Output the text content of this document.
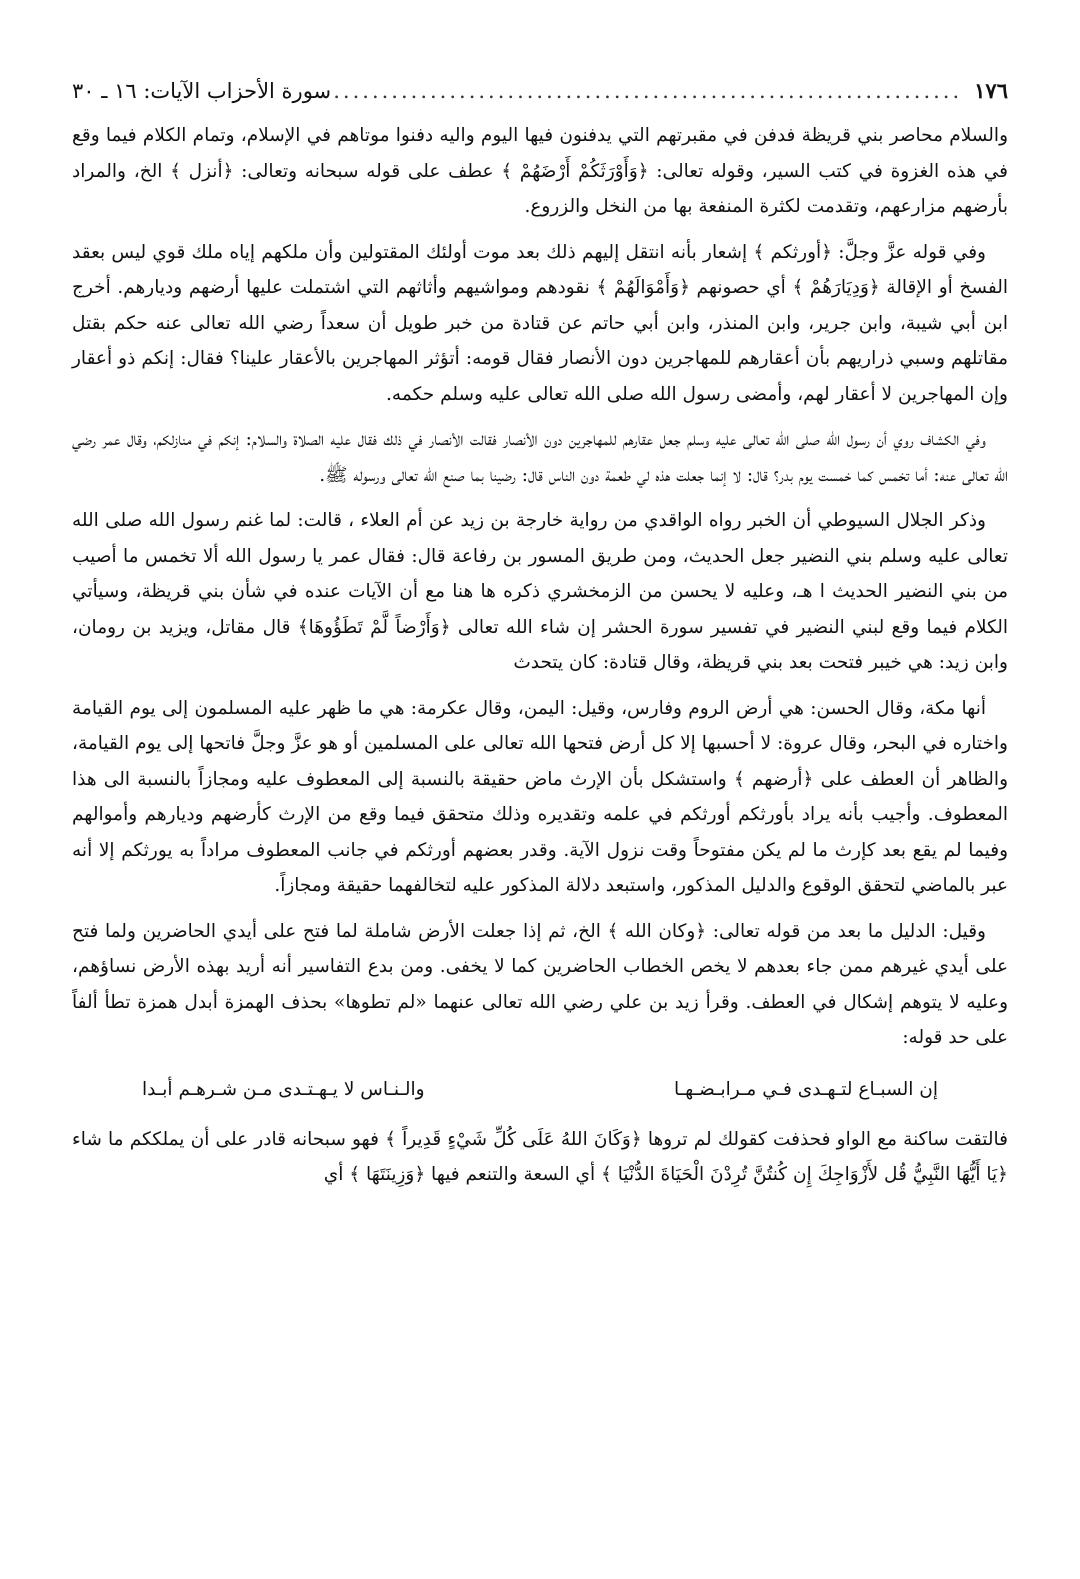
١٧٦
.....
سورة الأحزاب الآيات: ١٦ ـ ٣٠

والسلام محاصر بني قريظة فدفن في مقبرتهم التي يدفنون فيها اليوم واليه دفنوا موتاهم في الإسلام، وتمام الكلام فيما وقع في هذه الغزوة في كتب السير، وقوله تعالى: ﴿وَأَوْرَثَكُمْ أَرْضَهُمْ ﴾ عطف على قوله سبحانه وتعالى: ﴿أنزل ﴾ الخ، والمراد بأرضهم مزارعهم، وتقدمت لكثرة المنفعة بها من النخل والزروع.

وفي قوله عزَّ وجلَّ: ﴿أورثكم ﴾ إشعار بأنه انتقل إليهم ذلك بعد موت أولئك المقتولين وأن ملكهم إياه ملك قوي ليس بعقد الفسخ أو الإقالة ﴿وَدِيَارَهُمْ ﴾ أي حصونهم ﴿وَأَمْوَالَهُمْ ﴾ نقودهم ومواشيهم وأثاثهم التي اشتملت عليها أرضهم وديارهم. أخرج ابن أبي شيبة، وابن جرير، وابن المنذر، وابن أبي حاتم عن قتادة من خبر طويل أن سعداً رضي الله تعالى عنه حكم بقتل مقاتلهم وسبي ذراريهم بأن أعقارهم للمهاجرين دون الأنصار فقال قومه: أتؤثر المهاجرين بالأعقار علينا؟ فقال: إنكم ذو أعقار وإن المهاجرين لا أعقار لهم، وأمضى رسول الله صلى الله تعالى عليه وسلم حكمه.

وفي الكشاف روي أن رسول الله صلى الله تعالى عليه وسلم جعل عقارهم للمهاجرين دون الأنصار فقالت الأنصار في ذلك فقال عليه الصلاة والسلام: إنكم في منازلكم، وقال عمر رضي الله تعالى عنه: أما تخمس كما خمست يوم بدر؟ قال: لا إنما جعلت هذه لي طعمة دون الناس قال: رضينا بما صنع الله تعالى ورسوله ﷺ.

وذكر الجلال السيوطي أن الخبر رواه الواقدي من رواية خارجة بن زيد عن أم العلاء ، قالت: لما غنم رسول الله صلى الله تعالى عليه وسلم بني النضير جعل الحديث، ومن طريق المسور بن رفاعة قال: فقال عمر يا رسول الله ألا تخمس ما أصيب من بني النضير الحديث ا هـ، وعليه لا يحسن من الزمخشري ذكره ها هنا مع أن الآيات عنده في شأن بني قريظة، وسيأتي الكلام فيما وقع لبني النضير في تفسير سورة الحشر إن شاء الله تعالى ﴿وَأَرْضاً لَّمْ تَطَؤُوهَا﴾ قال مقاتل، ويزيد بن رومان، وابن زيد: هي خيبر فتحت بعد بني قريظة، وقال قتادة: كان يتحدث

أنها مكة، وقال الحسن: هي أرض الروم وفارس، وقيل: اليمن، وقال عكرمة: هي ما ظهر عليه المسلمون إلى يوم القيامة واختاره في البحر، وقال عروة: لا أحسبها إلا كل أرض فتحها الله تعالى على المسلمين أو هو عزَّ وجلَّ فاتحها إلى يوم القيامة، والظاهر أن العطف على ﴿أرضهم ﴾ واستشكل بأن الإرث ماض حقيقة بالنسبة إلى المعطوف عليه ومجازاً بالنسبة الى هذا المعطوف. وأجيب بأنه يراد بأورثكم أورثكم في علمه وتقديره وذلك متحقق فيما وقع من الإرث كأرضهم وديارهم وأموالهم وفيما لم يقع بعد كإرث ما لم يكن مفتوحاً وقت نزول الآية. وقدر بعضهم أورثكم في جانب المعطوف مراداً به يورثكم إلا أنه عبر بالماضي لتحقق الوقوع والدليل المذكور، واستبعد دلالة المذكور عليه لتخالفهما حقيقة ومجازاً.

وقيل: الدليل ما بعد من قوله تعالى: ﴿وكان الله ﴾ الخ، ثم إذا جعلت الأرض شاملة لما فتح على أيدي الحاضرين ولما فتح على أيدي غيرهم ممن جاء بعدهم لا يخص الخطاب الحاضرين كما لا يخفى. ومن بدع التفاسير أنه أريد بهذه الأرض نساؤهم، وعليه لا يتوهم إشكال في العطف. وقرأ زيد بن علي رضي الله تعالى عنهما «لم تطوها» بحذف الهمزة أبدل همزة تطأ ألفاً على حد قوله:

إن السبـاع لتـهـدى فـي مـرابـضـهـا
والـنـاس لا يـهـتـدى مـن شـرهـم أبـدا

فالتقت ساكنة مع الواو فحذفت كقولك لم تروها ﴿وَكَانَ اللهُ عَلَى كُلِّ شَيْءٍ قَدِيراً ﴾ فهو سبحانه قادر على أن يملككم ما شاء ﴿يَا أَيُّهَا النَّبِيُّ قُل لأَزْوَاجِكَ إِن كُنتُنَّ تُرِدْنَ الْحَيَاةَ الدُّنْيَا ﴾ أي السعة والتنعم فيها ﴿وَزِينَتَهَا ﴾ أي
